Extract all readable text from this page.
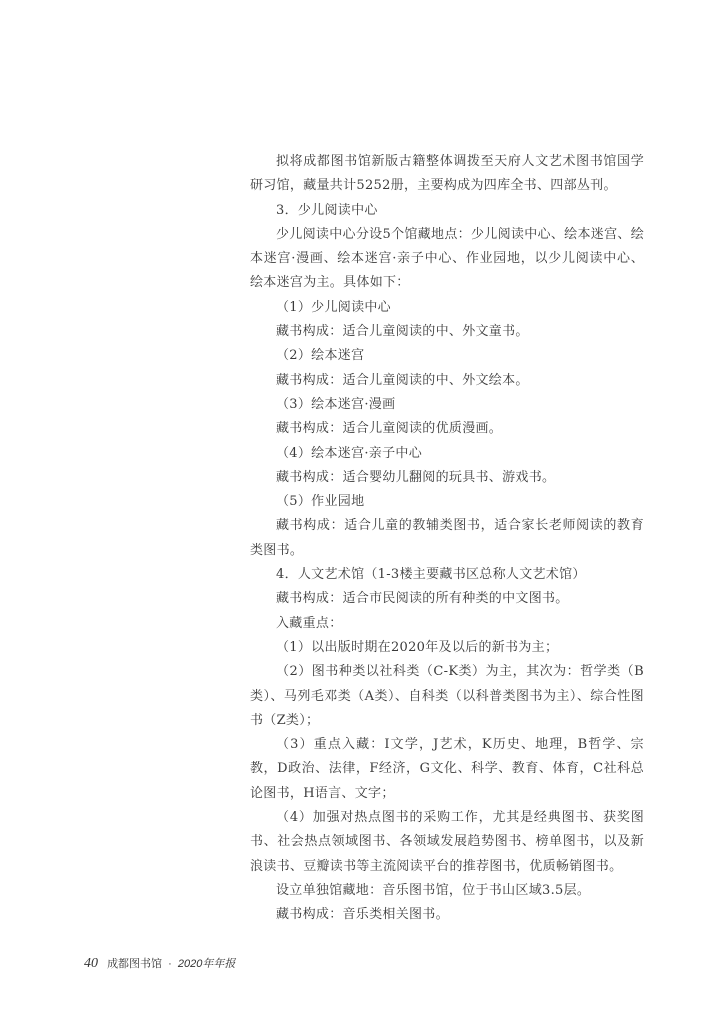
拟将成都图书馆新版古籍整体调拨至天府人文艺术图书馆国学研习馆，藏量共计5252册，主要构成为四库全书、四部丛刊。

3．少儿阅读中心

少儿阅读中心分设5个馆藏地点：少儿阅读中心、绘本迷宫、绘本迷宫·漫画、绘本迷宫·亲子中心、作业园地，以少儿阅读中心、绘本迷宫为主。具体如下：

（1）少儿阅读中心

藏书构成：适合儿童阅读的中、外文童书。

（2）绘本迷宫

藏书构成：适合儿童阅读的中、外文绘本。

（3）绘本迷宫·漫画

藏书构成：适合儿童阅读的优质漫画。

（4）绘本迷宫·亲子中心

藏书构成：适合婴幼儿翻阅的玩具书、游戏书。

（5）作业园地

藏书构成：适合儿童的教辅类图书，适合家长老师阅读的教育类图书。

4．人文艺术馆（1-3楼主要藏书区总称人文艺术馆）

藏书构成：适合市民阅读的所有种类的中文图书。

入藏重点：

（1）以出版时期在2020年及以后的新书为主；

（2）图书种类以社科类（C-K类）为主，其次为：哲学类（B类）、马列毛邓类（A类）、自科类（以科普类图书为主）、综合性图书（Z类）；

（3）重点入藏：I文学，J艺术，K历史、地理，B哲学、宗教，D政治、法律，F经济，G文化、科学、教育、体育，C社科总论图书，H语言、文字；

（4）加强对热点图书的采购工作，尤其是经典图书、获奖图书、社会热点领域图书、各领域发展趋势图书、榜单图书，以及新浪读书、豆瓣读书等主流阅读平台的推荐图书，优质畅销图书。

设立单独馆藏地：音乐图书馆，位于书山区域3.5层。

藏书构成：音乐类相关图书。

40 成都图书馆 · 2020年年报
